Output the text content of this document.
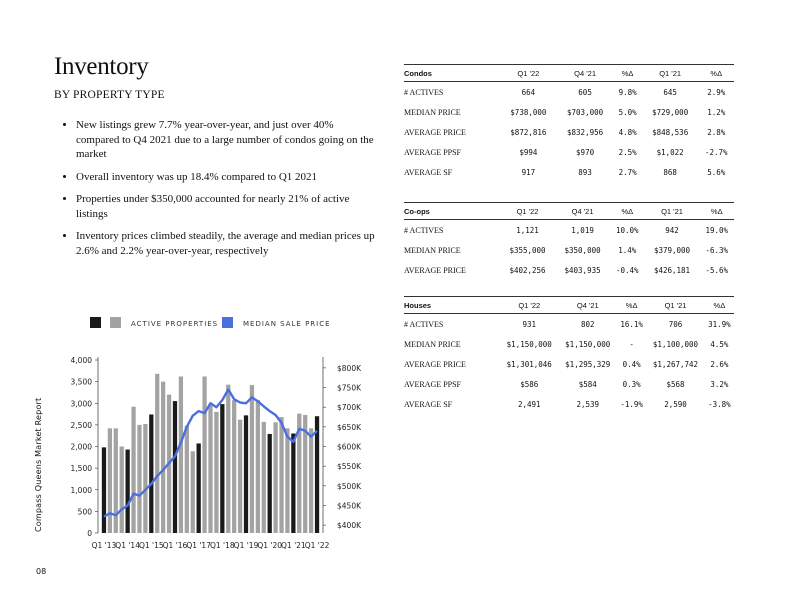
Inventory
BY PROPERTY TYPE
• New listings grew 7.7% year-over-year, and just over 40% compared to Q4 2021 due to a large number of condos going on the market
• Overall inventory was up 18.4% compared to Q1 2021
• Properties under $350,000 accounted for nearly 21% of active listings
• Inventory prices climbed steadily, the average and median prices up 2.6% and 2.2% year-over-year, respectively
Compass Queens Market Report
08
ACTIVE PROPERTIES	MEDIAN SALE PRICE
0
500
1,000
1,500
2,000
2,500
3,000
3,500
4,000
$400K
$450K
$500K
$550K
$600K
$650K
$700K
$750K
$800K
Q1 '13 Q1 '14 Q1 '15 Q1 '16 Q1 '17 Q1 '18 Q1 '19 Q1 '20 Q1 '21 Q1 '22
Condos	Q1 '22	Q4 '21	%Δ	Q1 '21	%Δ
# ACTIVES	664	605	9.8%	645	2.9%
MEDIAN PRICE	$738,000	$703,000	5.0%	$729,000	1.2%
AVERAGE PRICE	$872,816	$832,956	4.8%	$848,536	2.8%
AVERAGE PPSF	$994	$970	2.5%	$1,022	-2.7%
AVERAGE SF	917	893	2.7%	868	5.6%
Co-ops	Q1 '22	Q4 '21	%Δ	Q1 '21	%Δ
# ACTIVES	1,121	1,019	10.0%	942	19.0%
MEDIAN PRICE	$355,000	$350,000	1.4%	$379,000	-6.3%
AVERAGE PRICE	$402,256	$403,935	-0.4%	$426,181	-5.6%
Houses	Q1 '22	Q4 '21	%Δ	Q1 '21	%Δ
# ACTIVES	931	802	16.1%	706	31.9%
MEDIAN PRICE	$1,150,000	$1,150,000	-	$1,100,000	4.5%
AVERAGE PRICE	$1,301,046	$1,295,329	0.4%	$1,267,742	2.6%
AVERAGE PPSF	$586	$584	0.3%	$568	3.2%
AVERAGE SF	2,491	2,539	-1.9%	2,590	-3.8%
